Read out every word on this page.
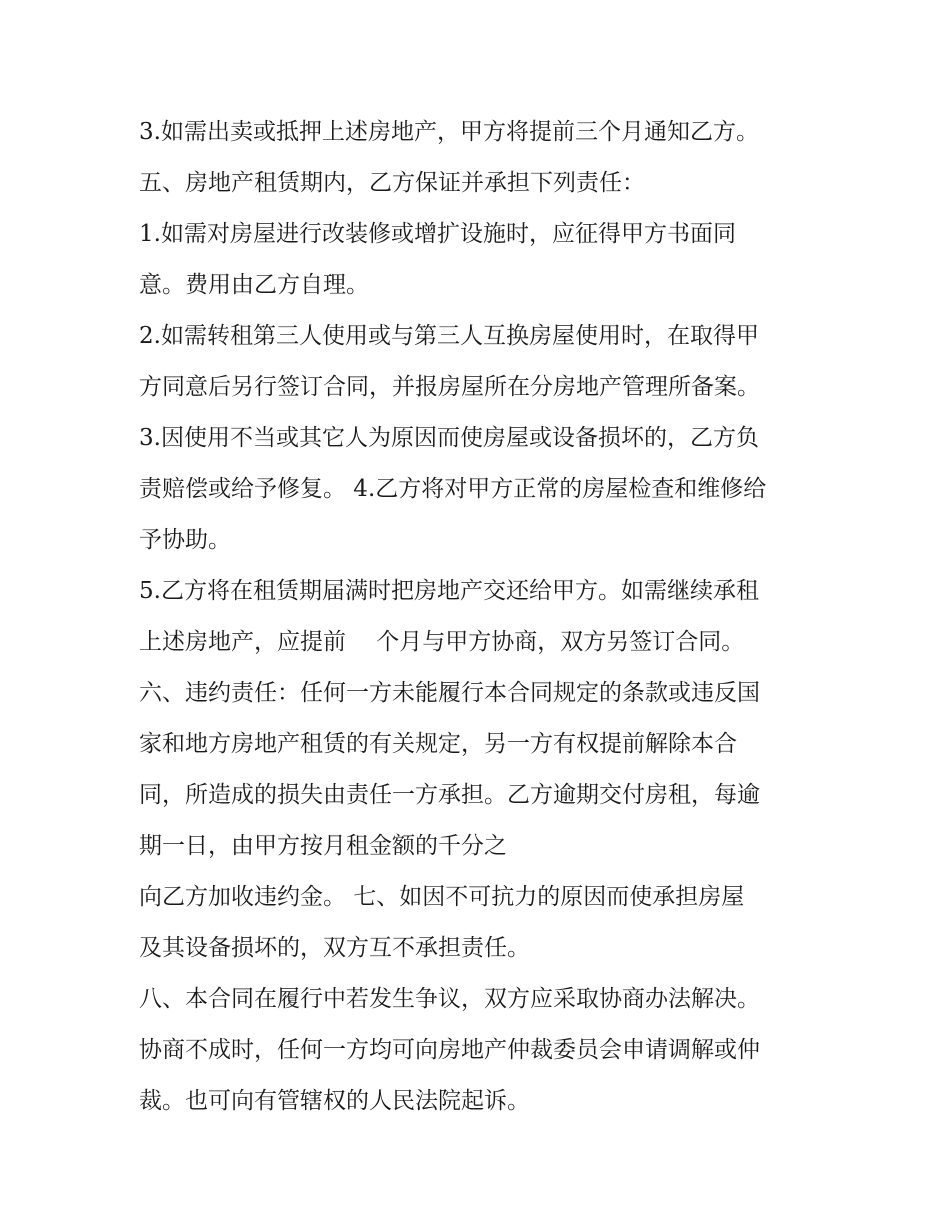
3.如需出卖或抵押上述房地产，甲方将提前三个月通知乙方。

五、房地产租赁期内，乙方保证并承担下列责任：

1.如需对房屋进行改装修或增扩设施时，应征得甲方书面同

意。费用由乙方自理。

2.如需转租第三人使用或与第三人互换房屋使用时，在取得甲

方同意后另行签订合同，并报房屋所在分房地产管理所备案。

3.因使用不当或其它人为原因而使房屋或设备损坏的，乙方负

责赔偿或给予修复。 4.乙方将对甲方正常的房屋检查和维修给

予协助。

5.乙方将在租赁期届满时把房地产交还给甲方。如需继续承租

上述房地产，应提前　 个月与甲方协商，双方另签订合同。

六、违约责任：任何一方未能履行本合同规定的条款或违反国

家和地方房地产租赁的有关规定，另一方有权提前解除本合

同，所造成的损失由责任一方承担。乙方逾期交付房租，每逾

期一日，由甲方按月租金额的千分之

向乙方加收违约金。 七、如因不可抗力的原因而使承担房屋

及其设备损坏的，双方互不承担责任。

八、本合同在履行中若发生争议，双方应采取协商办法解决。

协商不成时，任何一方均可向房地产仲裁委员会申请调解或仲

裁。也可向有管辖权的人民法院起诉。
